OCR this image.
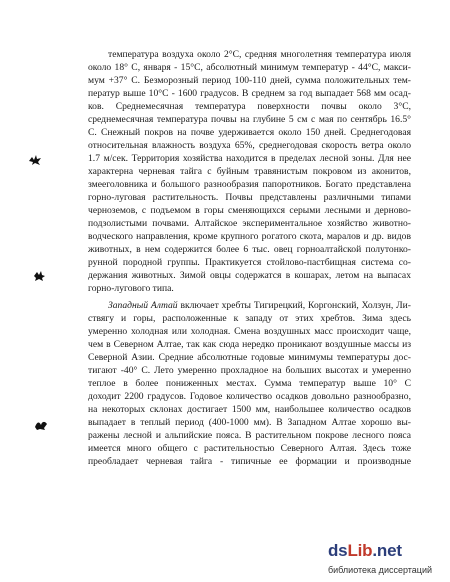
температура воздуха около 2°С, средняя многолетняя температура июля
около 18° С, января - 15°С, абсолютный минимум температур - 44°С, макси-
мум +37° С. Безморозный период 100-110 дней, сумма положительных тем-
ператур выше 10°С - 1600 градусов. В среднем за год выпадает 568 мм осад-
ков. Среднемесячная температура поверхности почвы около 3°С,
среднемесячная температура почвы на глубине 5 см с мая по сентябрь 16.5°
С. Снежный покров на почве удерживается около 150 дней. Среднегодовая
относительная влажность воздуха 65%, среднегодовая скорость ветра около
1.7 м/сек. Территория хозяйства находится в пределах лесной зоны. Для нее
характерна черневая тайга с буйным травянистым покровом из аконитов,
змееголовника и большого разнообразия папоротников. Богато представлена
горно-луговая растительность. Почвы представлены различными типами
черноземов, с подъемом в горы сменяющихся серыми лесными и дерново-
подзолистыми почвами. Алтайское экспериментальное хозяйство животно-
водческого направления, кроме крупного рогатого скота, маралов и др. видов
животных, в нем содержится более 6 тыс. овец горноалтайской полутонко-
рунной породной группы. Практикуется стойлово-пастбищная система со-
держания животных. Зимой овцы содержатся в кошарах, летом на выпасах
горно-лугового типа.
Западный Алтай включает хребты Тигирецкий, Коргонский, Холзун, Ли-
ствягу и горы, расположенные к западу от этих хребтов. Зима здесь
умеренно холодная или холодная. Смена воздушных масс происходит чаще,
чем в Северном Алтае, так как сюда нередко проникают воздушные массы из
Северной Азии. Средние абсолютные годовые минимумы температуры дос-
тигают -40° С. Лето умеренно прохладное на больших высотах и умеренно
теплое в более пониженных местах. Сумма температур выше 10° С
доходит 2200 градусов. Годовое количество осадков довольно разнообразно,
на некоторых склонах достигает 1500 мм, наибольшее количество осадков
выпадает в теплый период (400-1000 мм). В Западном Алтае хорошо вы-
ражены лесной и альпийские пояса. В растительном покрове лесного пояса
имеется много общего с растительностью Северного Алтая. Здесь тоже
преобладает черневая тайга - типичные ее формации и производные
dsLib.net
библиотека диссертаций
